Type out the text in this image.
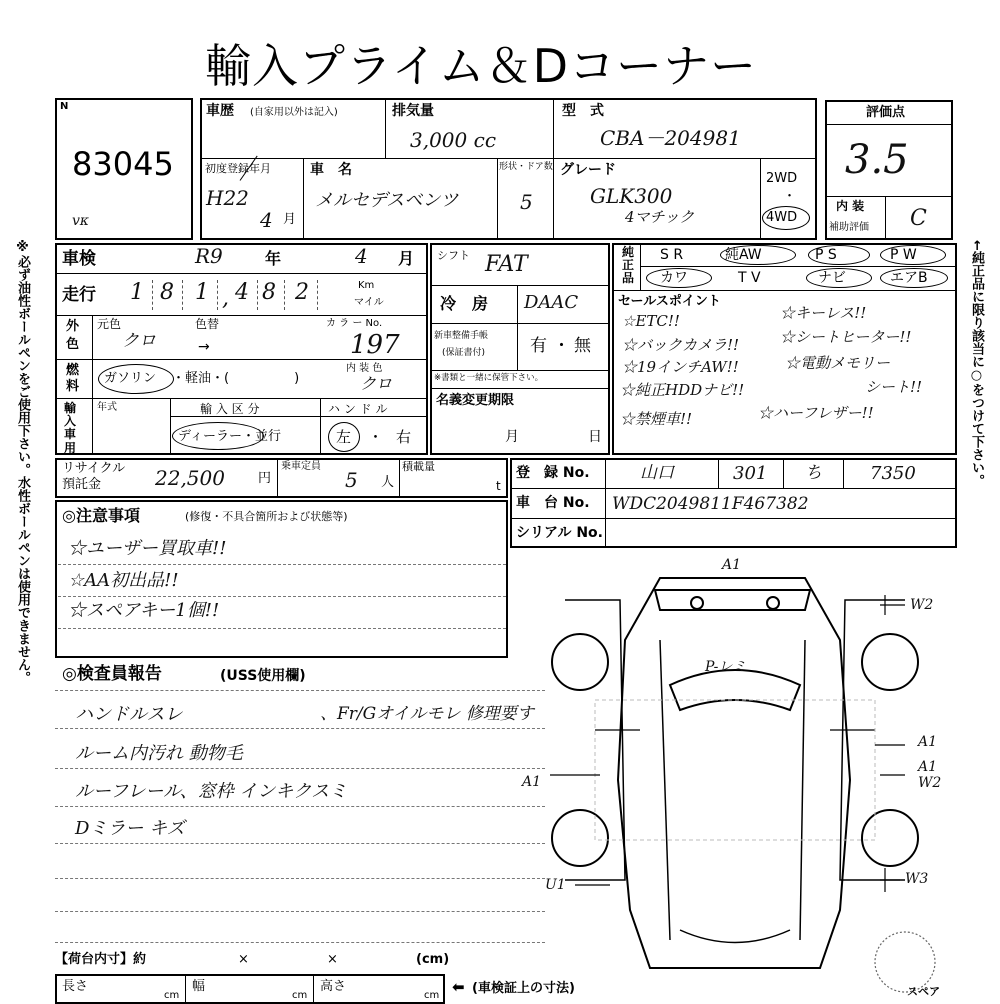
輸入プライム＆Dコーナー
※必ず油性ボールペンをご使用下さい。水性ボールペンは使用できません。	←純正品に限り該当に○をつけて下さい。
N
83045
vᴋ
車歴 (自家用以外は記入)	排気量
3,000 cc
型　式
CBA－204981
初度登録年月
H22
4 月
車　名
メルセデスベンツ
形状・ドア数
5
グレード
GLK300
4マチック
2WD
・
4WD
評価点
3.5
内 装
補助評価 C
車検	R9	年	4 月
走行 1 8 1 4 8 2
,
Km
マイル
外
色
元色
クロ
色替
→
カ ラ ー No.
197
燃
料
ガソリン ・軽油・(　　　　　)
内 装 色
クロ
輸入車用
年式	輸 入 区 分
ディーラー・並行
ハ ン ド ル
左 ・ 右
シフト FAT
冷　房 DAAC
新車整備手帳
(保証書付)	有 ・ 無
※書類と一緒に保管下さい。
名義変更期限
月	日
純正品
S R	純AW	P S	P W
カワ	T V	ナビ	エアB
セールスポイント
☆ETC!!	☆キーレス!!
☆バックカメラ!!	☆シートヒーター!!
☆19インチAW!!	☆電動メモリー
☆純正HDDナビ!!	シート!!
☆禁煙車!!	☆ハーフレザー!!
リサイクル
預託金	22,500	円
乗車定員
5 人
積載量
t
登　録 No.	山口	301 ち	7350
車　台 No. WDC2049811F467382
シリアル No.
◎注意事項	(修復・不具合箇所および状態等)
☆ユーザー買取車!!
☆AA初出品!!
☆スペアキー1個!!
◎検査員報告	(USS使用欄)
ハンドルスレ
ルーム内汚れ 動物毛
ルーフレール、窓枠 インキクスミ
Dミラー キズ
、Fr/Gオイルモレ 修理要す
A1
P-レミ
W2
A1
A1
W2
A1
U1	W3
スペア
【荷台内寸】約	×	×	(cm)
長さ
cm
幅
cm
高さ
cm ⬅ (車検証上の寸法)
